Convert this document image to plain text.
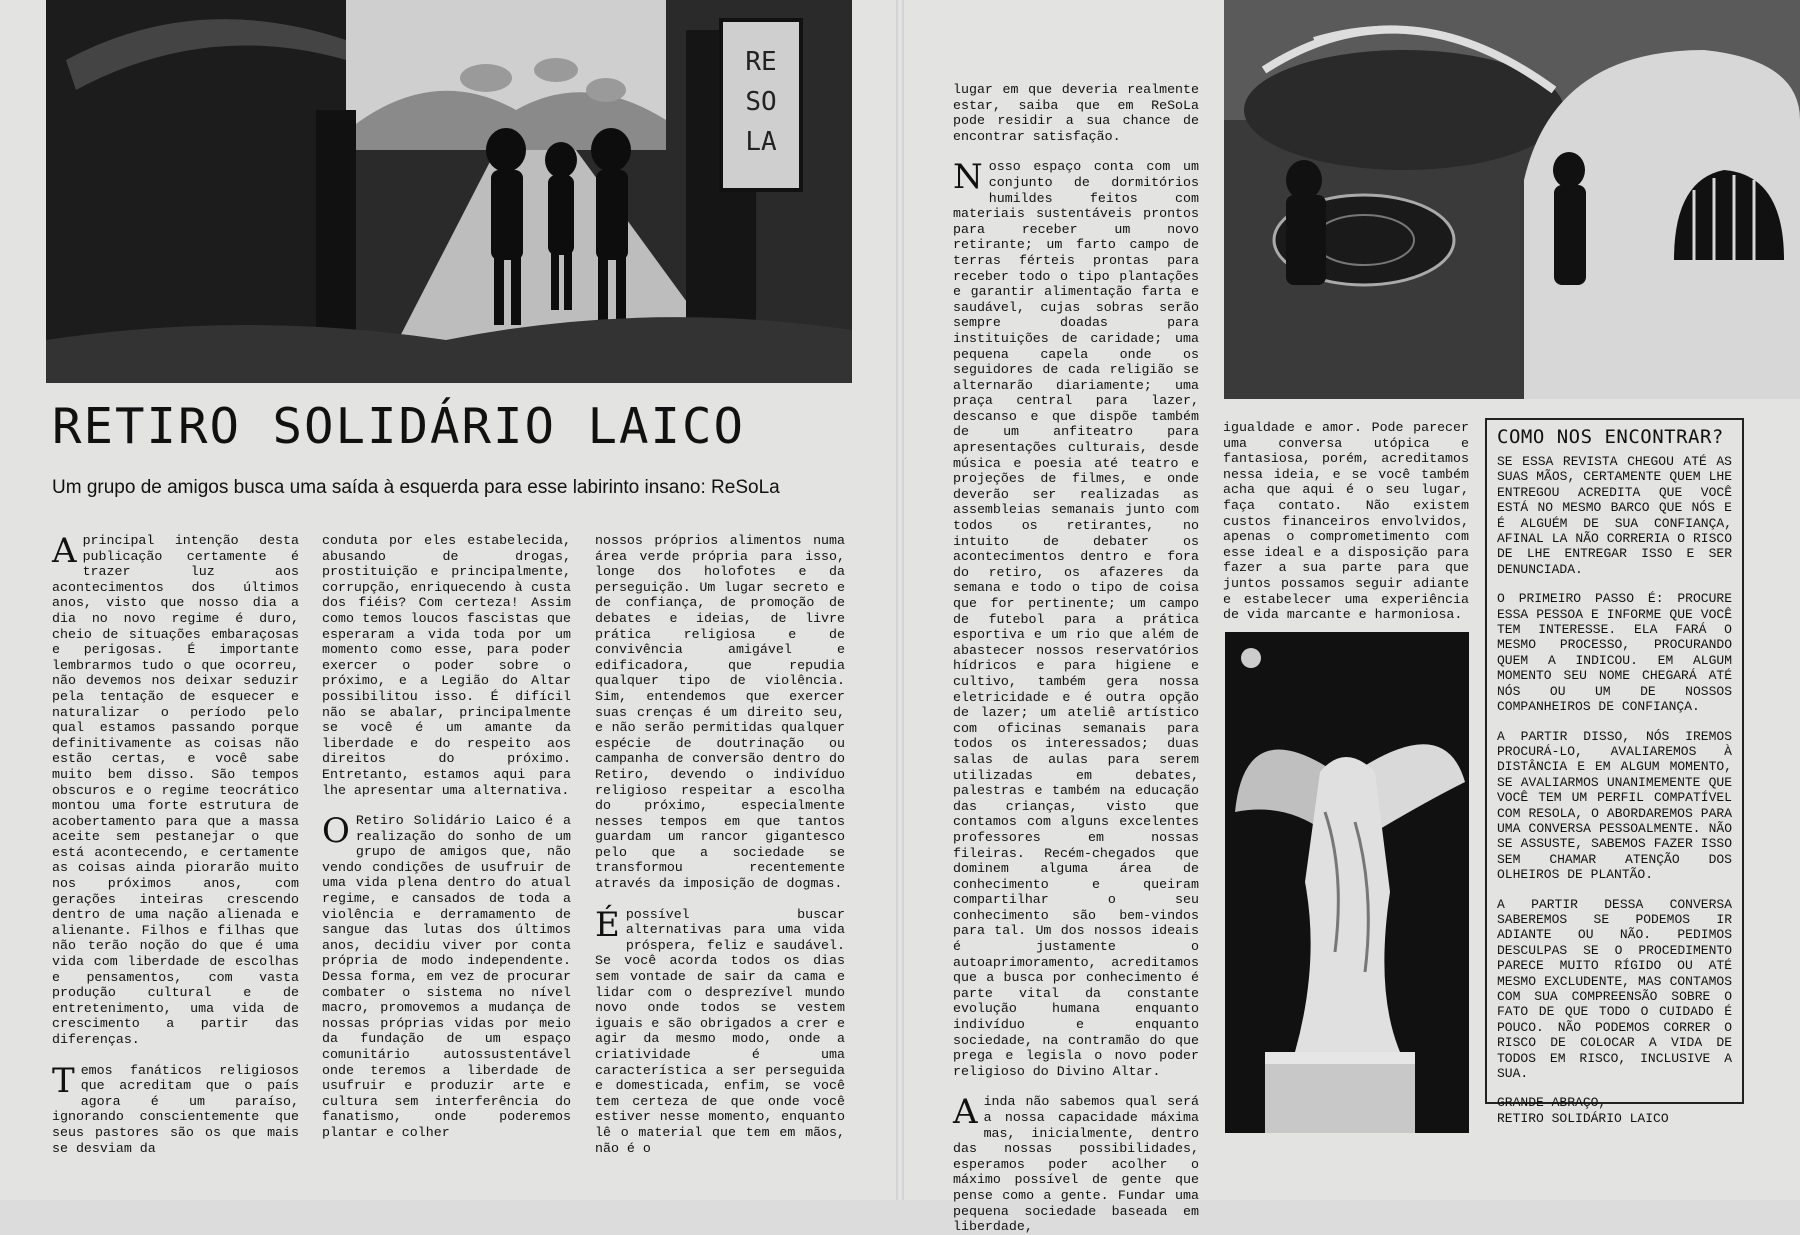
RE
SO
LA
RETIRO SOLIDÁRIO LAICO

Um grupo de amigos busca uma saída à esquerda para esse labirinto insano: ReSoLa

Aprincipal intenção desta publicação certamente é trazer luz aos acontecimentos dos últimos anos, visto que nosso dia a dia no novo regime é duro, cheio de situações embaraçosas e perigosas. É importante lembrarmos tudo o que ocorreu, não devemos nos deixar seduzir pela tentação de esquecer e naturalizar o período pelo qual estamos passando porque definitivamente as coisas não estão certas, e você sabe muito bem disso. São tempos obscuros e o regime teocrático montou uma forte estrutura de acobertamento para que a massa aceite sem pestanejar o que está acontecendo, e certamente as coisas ainda piorarão muito nos próximos anos, com gerações inteiras crescendo dentro de uma nação alienada e alienante. Filhos e filhas que não terão noção do que é uma vida com liberdade de escolhas e pensamentos, com vasta produção cultural e de entretenimento, uma vida de crescimento a partir das diferenças.

Temos fanáticos religiosos que acreditam que o país agora é um paraíso, ignorando conscientemente que seus pastores são os que mais se desviam da

conduta por eles estabelecida, abusando de drogas, prostituição e principalmente, corrupção, enriquecendo à custa dos fiéis? Com certeza! Assim como temos loucos fascistas que esperaram a vida toda por um momento como esse, para poder exercer o poder sobre o próximo, e a Legião do Altar possibilitou isso. É difícil não se abalar, principalmente se você é um amante da liberdade e do respeito aos direitos do próximo. Entretanto, estamos aqui para lhe apresentar uma alternativa.

O Retiro Solidário Laico é a realização do sonho de um grupo de amigos que, não vendo condições de usufruir de uma vida plena dentro do atual regime, e cansados de toda a violência e derramamento de sangue das lutas dos últimos anos, decidiu viver por conta própria de modo independente. Dessa forma, em vez de procurar combater o sistema no nível macro, promovemos a mudança de nossas próprias vidas por meio da fundação de um espaço comunitário autossustentável onde teremos a liberdade de usufruir e produzir arte e cultura sem interferência do fanatismo, onde poderemos plantar e colher

nossos próprios alimentos numa área verde própria para isso, longe dos holofotes e da perseguição. Um lugar secreto e de confiança, de promoção de debates e ideias, de livre prática religiosa e de convivência amigável e edificadora, que repudia qualquer tipo de violência. Sim, entendemos que exercer suas crenças é um direito seu, e não serão permitidas qualquer espécie de doutrinação ou campanha de conversão dentro do Retiro, devendo o indivíduo religioso respeitar a escolha do próximo, especialmente nesses tempos em que tantos guardam um rancor gigantesco pelo que a sociedade se transformou recentemente através da imposição de dogmas.

Épossível buscar alternativas para uma vida próspera, feliz e saudável. Se você acorda todos os dias sem vontade de sair da cama e lidar com o desprezível mundo novo onde todos se vestem iguais e são obrigados a crer e agir da mesmo modo, onde a criatividade é uma característica a ser perseguida e domesticada, enfim, se você tem certeza de que onde você estiver nesse momento, enquanto lê o material que tem em mãos, não é o

lugar em que deveria realmente estar, saiba que em ReSoLa pode residir a sua chance de encontrar satisfação.

Nosso espaço conta com um conjunto de dormitórios humildes feitos com materiais sustentáveis prontos para receber um novo retirante; um farto campo de terras férteis prontas para receber todo o tipo plantações e garantir alimentação farta e saudável, cujas sobras serão sempre doadas para instituições de caridade; uma pequena capela onde os seguidores de cada religião se alternarão diariamente; uma praça central para lazer, descanso e que dispõe também de um anfiteatro para apresentações culturais, desde música e poesia até teatro e projeções de filmes, e onde deverão ser realizadas as assembleias semanais junto com todos os retirantes, no intuito de debater os acontecimentos dentro e fora do retiro, os afazeres da semana e todo o tipo de coisa que for pertinente; um campo de futebol para a prática esportiva e um rio que além de abastecer nossos reservatórios hídricos e para higiene e cultivo, também gera nossa eletricidade e é outra opção de lazer; um ateliê artístico com oficinas semanais para todos os interessados; duas salas de aulas para serem utilizadas em debates, palestras e também na educação das crianças, visto que contamos com alguns excelentes professores em nossas fileiras. Recém-chegados que dominem alguma área de conhecimento e queiram compartilhar o seu conhecimento são bem-vindos para tal. Um dos nossos ideais é justamente o autoaprimoramento, acreditamos que a busca por conhecimento é parte vital da constante evolução humana enquanto indivíduo e enquanto sociedade, na contramão do que prega e legisla o novo poder religioso do Divino Altar.

Ainda não sabemos qual será a nossa capacidade máxima mas, inicialmente, dentro das nossas possibilidades, esperamos poder acolher o máximo possível de gente que pense como a gente. Fundar uma pequena sociedade baseada em liberdade,

igualdade e amor. Pode parecer uma conversa utópica e fantasiosa, porém, acreditamos nessa ideia, e se você também acha que aqui é o seu lugar, faça contato. Não existem custos financeiros envolvidos, apenas o comprometimento com esse ideal e a disposição para fazer a sua parte para que juntos possamos seguir adiante e estabelecer uma experiência de vida marcante e harmoniosa.

COMO NOS ENCONTRAR?

SE ESSA REVISTA CHEGOU ATÉ AS SUAS MÃOS, CERTAMENTE QUEM LHE ENTREGOU ACREDITA QUE VOCÊ ESTÁ NO MESMO BARCO QUE NÓS E É ALGUÉM DE SUA CONFIANÇA, AFINAL LA NÃO CORRERIA O RISCO DE LHE ENTREGAR ISSO E SER DENUNCIADA.

O PRIMEIRO PASSO É: PROCURE ESSA PESSOA E INFORME QUE VOCÊ TEM INTERESSE. ELA FARÁ O MESMO PROCESSO, PROCURANDO QUEM A INDICOU. EM ALGUM MOMENTO SEU NOME CHEGARÁ ATÉ NÓS OU UM DE NOSSOS COMPANHEIROS DE CONFIANÇA.

A PARTIR DISSO, NÓS IREMOS PROCURÁ-LO, AVALIAREMOS À DISTÂNCIA E EM ALGUM MOMENTO, SE AVALIARMOS UNANIMEMENTE QUE VOCÊ TEM UM PERFIL COMPATÍVEL COM RESOLA, O ABORDAREMOS PARA UMA CONVERSA PESSOALMENTE. NÃO SE ASSUSTE, SABEMOS FAZER ISSO SEM CHAMAR ATENÇÃO DOS OLHEIROS DE PLANTÃO.

A PARTIR DESSA CONVERSA SABEREMOS SE PODEMOS IR ADIANTE OU NÃO. PEDIMOS DESCULPAS SE O PROCEDIMENTO PARECE MUITO RÍGIDO OU ATÉ MESMO EXCLUDENTE, MAS CONTAMOS COM SUA COMPREENSÃO SOBRE O FATO DE QUE TODO O CUIDADO É POUCO. NÃO PODEMOS CORRER O RISCO DE COLOCAR A VIDA DE TODOS EM RISCO, INCLUSIVE A SUA.

GRANDE ABRAÇO,
RETIRO SOLIDÁRIO LAICO
